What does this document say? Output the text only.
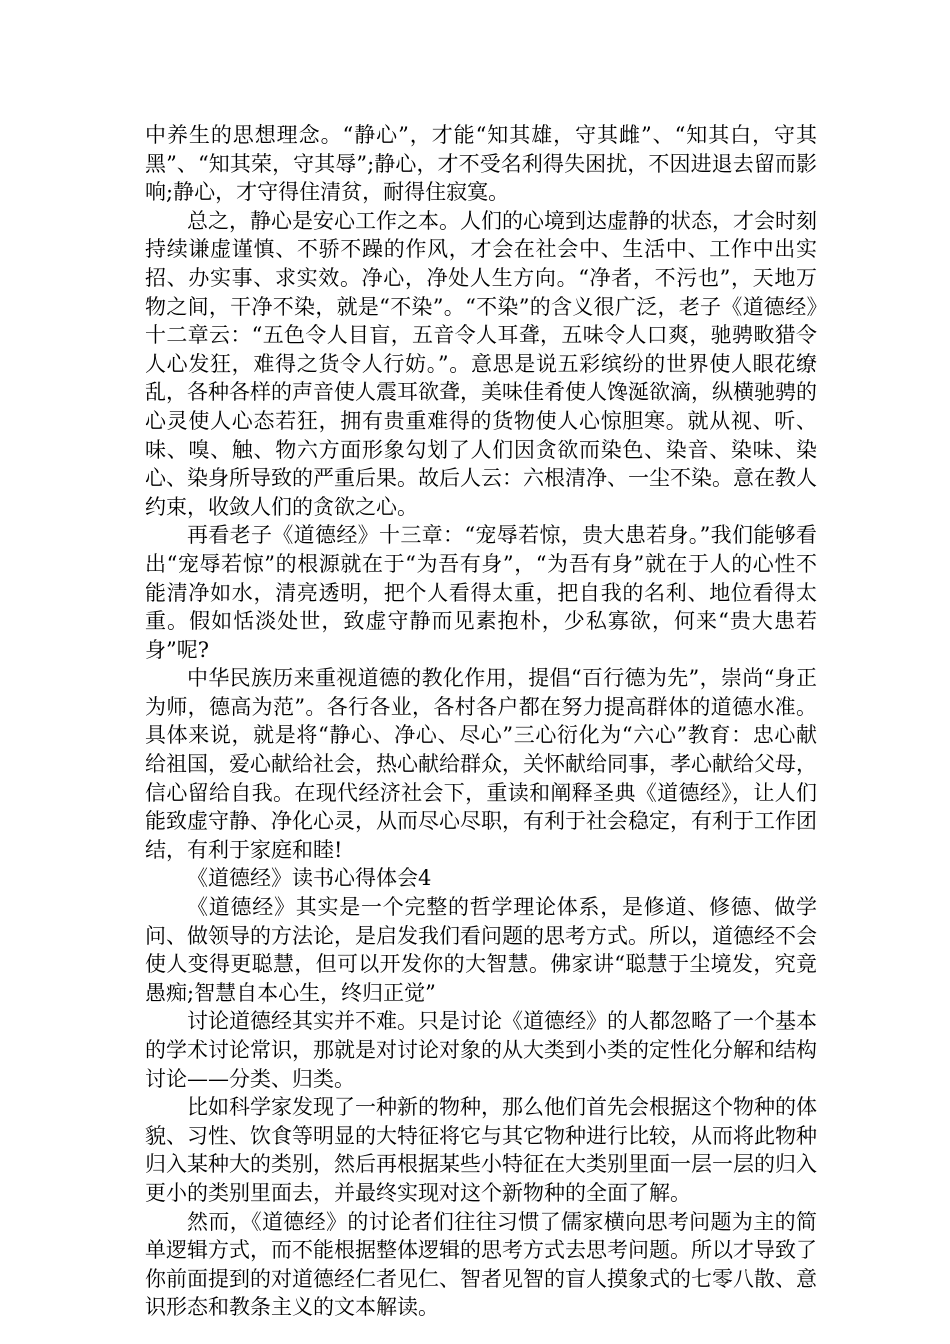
中养生的思想理念。“静心”，才能“知其雄，守其雌”、“知其白，守其黑”、“知其荣，守其辱”;静心，才不受名利得失困扰，不因进退去留而影响;静心，才守得住清贫，耐得住寂寞。

总之，静心是安心工作之本。人们的心境到达虚静的状态，才会时刻持续谦虚谨慎、不骄不躁的作风，才会在社会中、生活中、工作中出实招、办实事、求实效。净心，净处人生方向。“净者，不污也”，天地万物之间，干净不染，就是“不染”。“不染”的含义很广泛，老子《道德经》十二章云：“五色令人目盲，五音令人耳聋，五味令人口爽，驰骋畋猎令人心发狂，难得之货令人行妨。”。意思是说五彩缤纷的世界使人眼花缭乱，各种各样的声音使人震耳欲聋，美味佳肴使人馋涎欲滴，纵横驰骋的心灵使人心态若狂，拥有贵重难得的货物使人心惊胆寒。就从视、听、味、嗅、触、物六方面形象勾划了人们因贪欲而染色、染音、染味、染心、染身所导致的严重后果。故后人云：六根清净、一尘不染。意在教人约束，收敛人们的贪欲之心。

再看老子《道德经》十三章：“宠辱若惊，贵大患若身。”我们能够看出“宠辱若惊”的根源就在于“为吾有身”，“为吾有身”就在于人的心性不能清净如水，清亮透明，把个人看得太重，把自我的名利、地位看得太重。假如恬淡处世，致虚守静而见素抱朴，少私寡欲，何来“贵大患若身”呢?

中华民族历来重视道德的教化作用，提倡“百行德为先”，崇尚“身正为师，德高为范”。各行各业，各村各户都在努力提高群体的道德水准。具体来说，就是将“静心、净心、尽心”三心衍化为“六心”教育：忠心献给祖国，爱心献给社会，热心献给群众，关怀献给同事，孝心献给父母，信心留给自我。在现代经济社会下，重读和阐释圣典《道德经》，让人们能致虚守静、净化心灵，从而尽心尽职，有利于社会稳定，有利于工作团结，有利于家庭和睦!

《道德经》读书心得体会4

《道德经》其实是一个完整的哲学理论体系，是修道、修德、做学问、做领导的方法论，是启发我们看问题的思考方式。所以，道德经不会使人变得更聪慧，但可以开发你的大智慧。佛家讲“聪慧于尘境发，究竟愚痴;智慧自本心生，终归正觉”

讨论道德经其实并不难。只是讨论《道德经》的人都忽略了一个基本的学术讨论常识，那就是对讨论对象的从大类到小类的定性化分解和结构讨论——分类、归类。

比如科学家发现了一种新的物种，那么他们首先会根据这个物种的体貌、习性、饮食等明显的大特征将它与其它物种进行比较，从而将此物种归入某种大的类别，然后再根据某些小特征在大类别里面一层一层的归入更小的类别里面去，并最终实现对这个新物种的全面了解。

然而，《道德经》的讨论者们往往习惯了儒家横向思考问题为主的简单逻辑方式，而不能根据整体逻辑的思考方式去思考问题。所以才导致了你前面提到的对道德经仁者见仁、智者见智的盲人摸象式的七零八散、意识形态和教条主义的文本解读。
